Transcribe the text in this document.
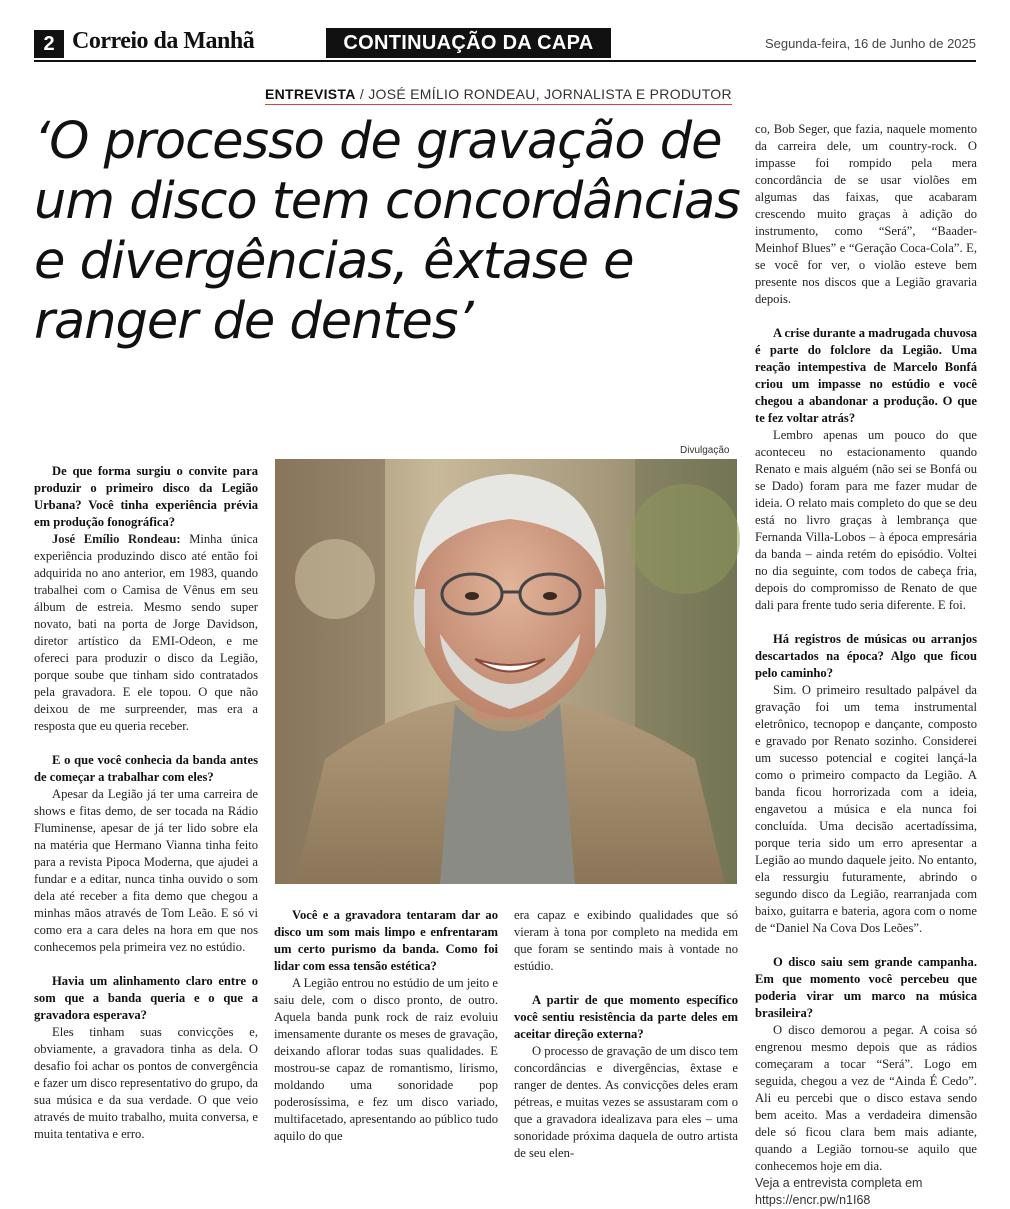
2 Correio da Manhã	CONTINUAÇÃO DA CAPA	Segunda-feira, 16 de Junho de 2025
ENTREVISTA / JOSÉ EMÍLIO RONDEAU, JORNALISTA E PRODUTOR
‘O processo de gravação de um disco tem concordâncias e divergências, êxtase e ranger de dentes’
Divulgação

De que forma surgiu o convite para produzir o primeiro disco da Legião Urbana? Você tinha experiência prévia em produção fonográfica?

José Emílio Rondeau: Minha única experiência produzindo disco até então foi adquirida no ano anterior, em 1983, quando trabalhei com o Camisa de Vênus em seu álbum de estreia. Mesmo sendo super novato, bati na porta de Jorge Davidson, diretor artístico da EMI-Odeon, e me ofereci para produzir o disco da Legião, porque soube que tinham sido contratados pela gravadora. E ele topou. O que não deixou de me surpreender, mas era a resposta que eu queria receber.

E o que você conhecia da banda antes de começar a trabalhar com eles?

Apesar da Legião já ter uma carreira de shows e fitas demo, de ser tocada na Rádio Fluminense, apesar de já ter lido sobre ela na matéria que Hermano Vianna tinha feito para a revista Pipoca Moderna, que ajudei a fundar e a editar, nunca tinha ouvido o som dela até receber a fita demo que chegou a minhas mãos através de Tom Leão. E só vi como era a cara deles na hora em que nos conhecemos pela primeira vez no estúdio.

Havia um alinhamento claro entre o som que a banda queria e o que a gravadora esperava?

Eles tinham suas convicções e, obviamente, a gravadora tinha as dela. O desafio foi achar os pontos de convergência e fazer um disco representativo do grupo, da sua música e da sua verdade. O que veio através de muito trabalho, muita conversa, e muita tentativa e erro.

Você e a gravadora tentaram dar ao disco um som mais limpo e enfrentaram um certo purismo da banda. Como foi lidar com essa tensão estética?

A Legião entrou no estúdio de um jeito e saiu dele, com o disco pronto, de outro. Aquela banda punk rock de raiz evoluiu imensamente durante os meses de gravação, deixando aflorar todas suas qualidades. E mostrou-se capaz de romantismo, lirismo, moldando uma sonoridade pop poderosíssima, e fez um disco variado, multifacetado, apresentando ao público tudo aquilo do que

era capaz e exibindo qualidades que só vieram à tona por completo na medida em que foram se sentindo mais à vontade no estúdio.

A partir de que momento específico você sentiu resistência da parte deles em aceitar direção externa?

O processo de gravação de um disco tem concordâncias e divergências, êxtase e ranger de dentes. As convicções deles eram pétreas, e muitas vezes se assustaram com o que a gravadora idealizava para eles – uma sonoridade próxima daquela de outro artista de seu elen-

co, Bob Seger, que fazia, naquele momento da carreira dele, um country-rock. O impasse foi rompido pela mera concordância de se usar violões em algumas das faixas, que acabaram crescendo muito graças à adição do instrumento, como “Será”, “Baader-Meinhof Blues” e “Geração Coca-Cola”. E, se você for ver, o violão esteve bem presente nos discos que a Legião gravaria depois.

A crise durante a madrugada chuvosa é parte do folclore da Legião. Uma reação intempestiva de Marcelo Bonfá criou um impasse no estúdio e você chegou a abandonar a produção. O que te fez voltar atrás?

Lembro apenas um pouco do que aconteceu no estacionamento quando Renato e mais alguém (não sei se Bonfá ou se Dado) foram para me fazer mudar de ideia. O relato mais completo do que se deu está no livro graças à lembrança que Fernanda Villa-Lobos – à época empresária da banda – ainda retém do episódio. Voltei no dia seguinte, com todos de cabeça fria, depois do compromisso de Renato de que dali para frente tudo seria diferente. E foi.

Há registros de músicas ou arranjos descartados na época? Algo que ficou pelo caminho?

Sim. O primeiro resultado palpável da gravação foi um tema instrumental eletrônico, tecnopop e dançante, composto e gravado por Renato sozinho. Considerei um sucesso potencial e cogitei lançá-la como o primeiro compacto da Legião. A banda ficou horrorizada com a ideia, engavetou a música e ela nunca foi concluída. Uma decisão acertadíssima, porque teria sido um erro apresentar a Legião ao mundo daquele jeito. No entanto, ela ressurgiu futuramente, abrindo o segundo disco da Legião, rearranjada com baixo, guitarra e bateria, agora com o nome de “Daniel Na Cova Dos Leões”.

O disco saiu sem grande campanha. Em que momento você percebeu que poderia virar um marco na música brasileira?

O disco demorou a pegar. A coisa só engrenou mesmo depois que as rádios começaram a tocar “Será”. Logo em seguida, chegou a vez de “Ainda É Cedo”. Ali eu percebi que o disco estava sendo bem aceito. Mas a verdadeira dimensão dele só ficou clara bem mais adiante, quando a Legião tornou-se aquilo que conhecemos hoje em dia.

Veja a entrevista completa em https://encr.pw/n1I68
